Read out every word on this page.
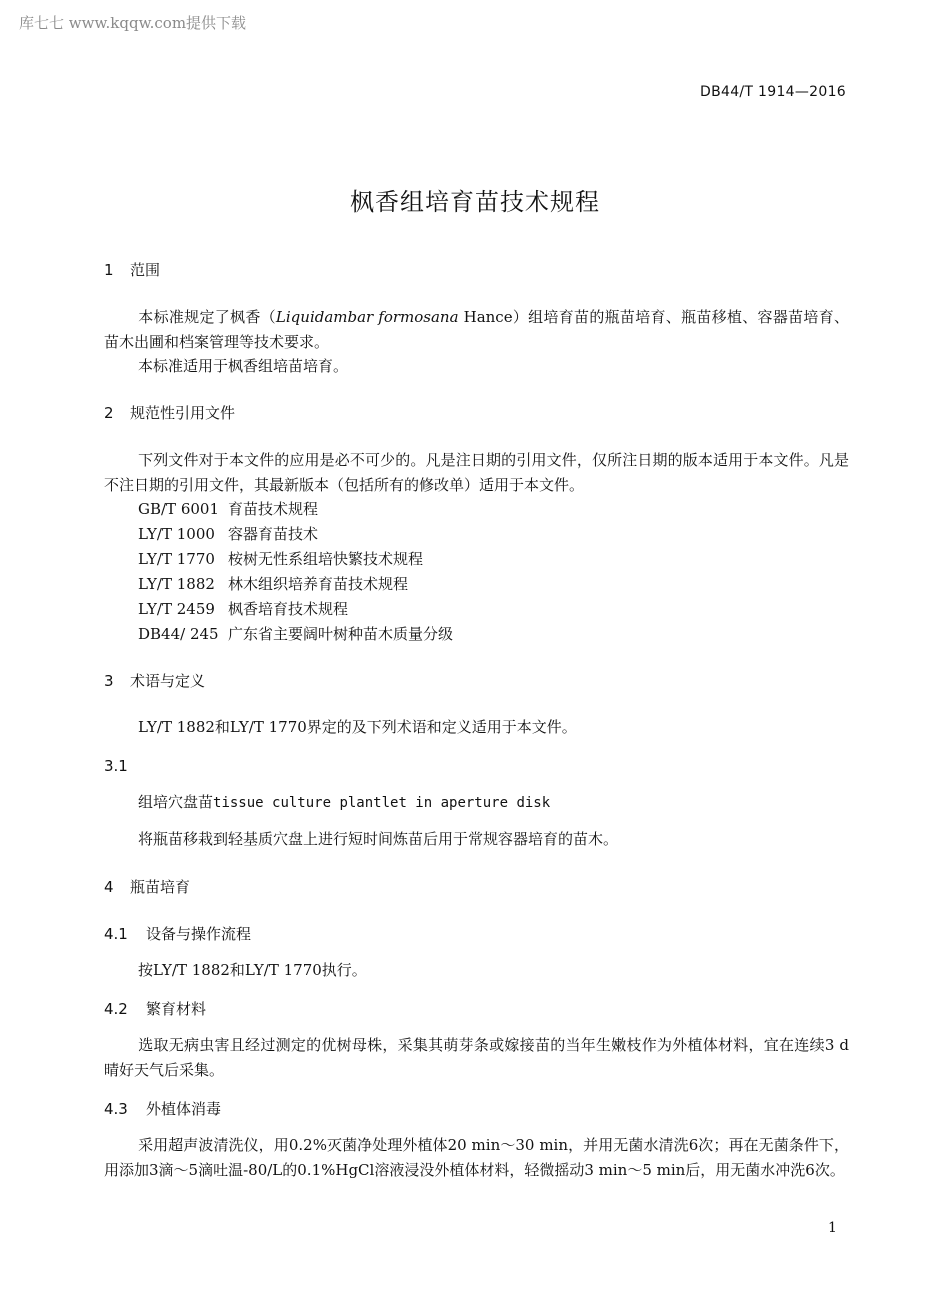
库七七 www.kqqw.com提供下载
DB44/T 1914—2016
枫香组培育苗技术规程
1 范围
本标准规定了枫香（Liquidambar formosana Hance）组培育苗的瓶苗培育、瓶苗移植、容器苗培育、苗木出圃和档案管理等技术要求。
本标准适用于枫香组培苗培育。
2 规范性引用文件
下列文件对于本文件的应用是必不可少的。凡是注日期的引用文件，仅所注日期的版本适用于本文件。凡是不注日期的引用文件，其最新版本（包括所有的修改单）适用于本文件。
GB/T 6001 育苗技术规程
LY/T 1000 容器育苗技术
LY/T 1770 桉树无性系组培快繁技术规程
LY/T 1882 林木组织培养育苗技术规程
LY/T 2459 枫香培育技术规程
DB44/ 245 广东省主要阔叶树种苗木质量分级
3 术语与定义
LY/T 1882和LY/T 1770界定的及下列术语和定义适用于本文件。
3.1
组培穴盘苗tissue culture plantlet in aperture disk
将瓶苗移栽到轻基质穴盘上进行短时间炼苗后用于常规容器培育的苗木。
4 瓶苗培育
4.1 设备与操作流程
按LY/T 1882和LY/T 1770执行。
4.2 繁育材料
选取无病虫害且经过测定的优树母株，采集其萌芽条或嫁接苗的当年生嫩枝作为外植体材料，宜在连续3 d晴好天气后采集。
4.3 外植体消毒
采用超声波清洗仪，用0.2%灭菌净处理外植体20 min～30 min，并用无菌水清洗6次；再在无菌条件下，用添加3滴～5滴吐温-80/L的0.1%HgCl溶液浸没外植体材料，轻微摇动3 min～5 min后，用无菌水冲洗6次。
1
